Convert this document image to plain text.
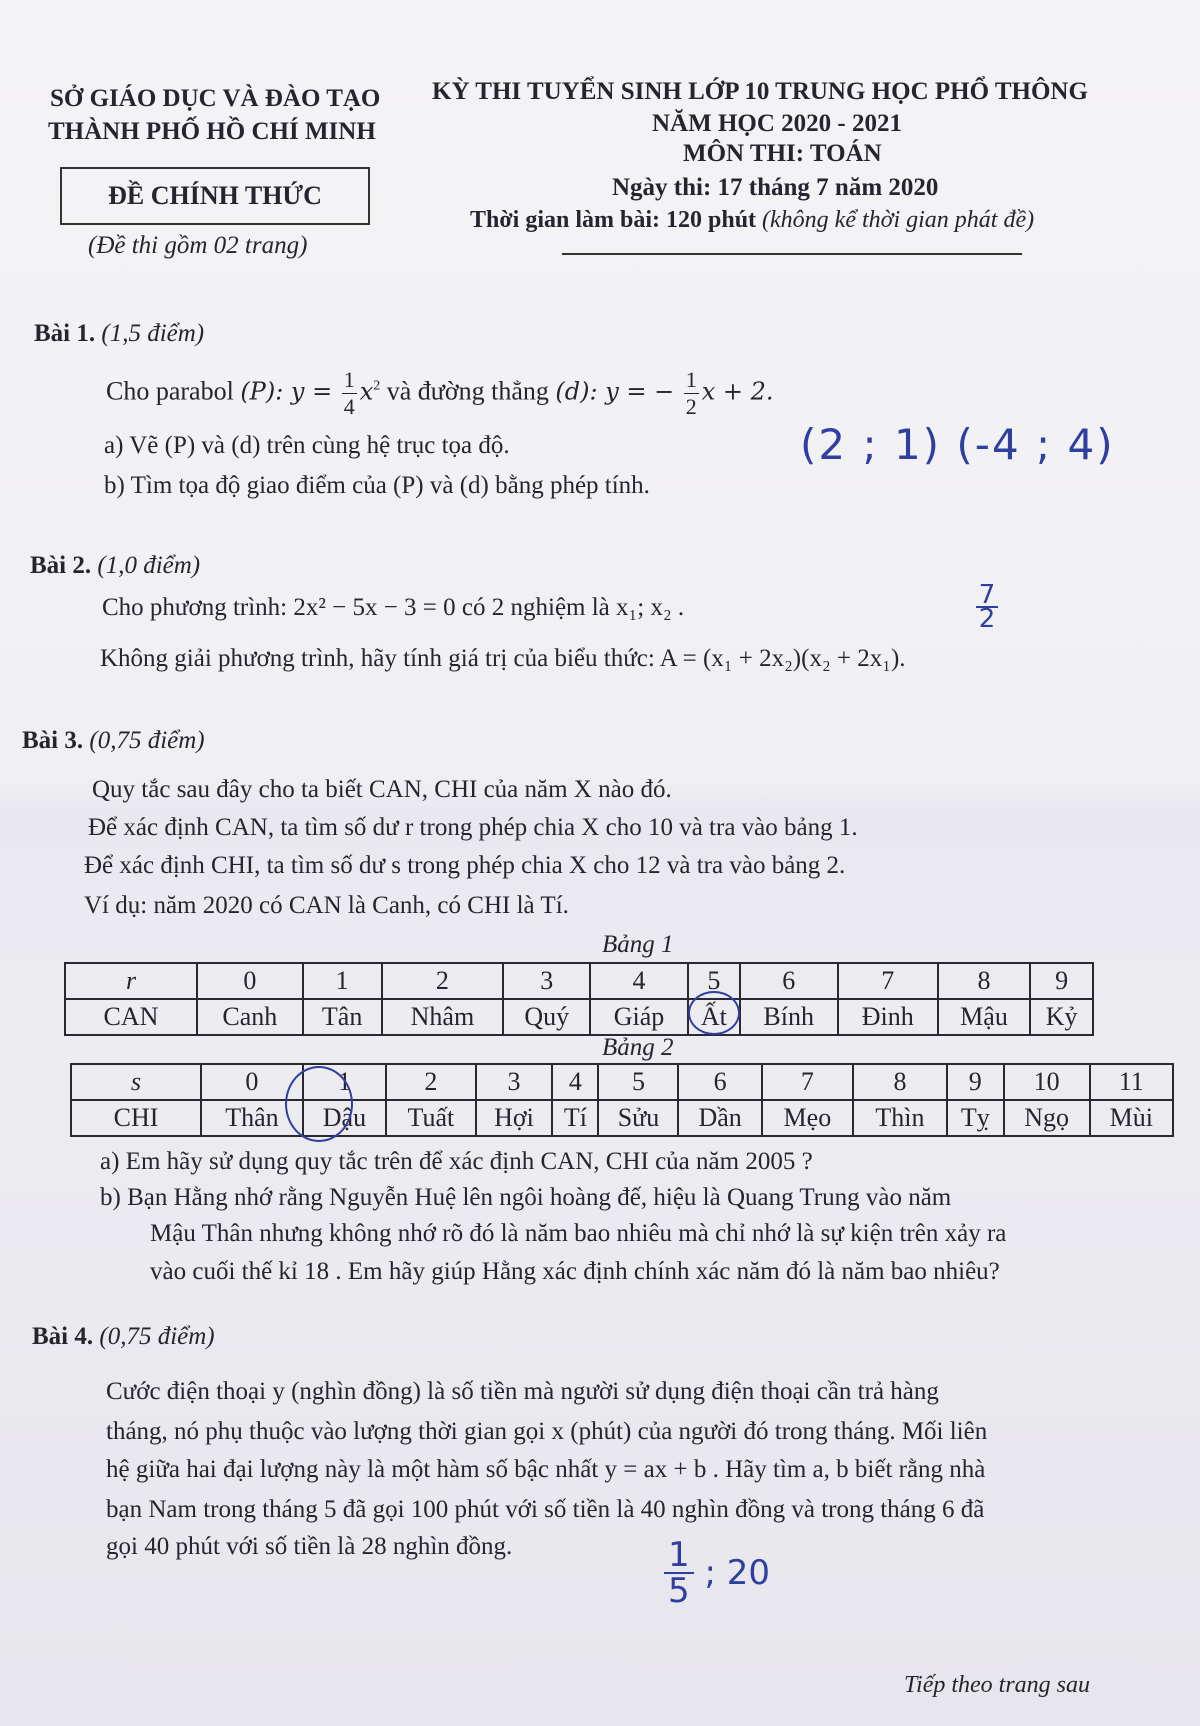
SỞ GIÁO DỤC VÀ ĐÀO TẠO
THÀNH PHỐ HỒ CHÍ MINH
ĐỀ CHÍNH THỨC
(Đề thi gồm 02 trang)
KỲ THI TUYỂN SINH LỚP 10 TRUNG HỌC PHỔ THÔNG
NĂM HỌC 2020 - 2021
MÔN THI: TOÁN
Ngày thi: 17 tháng 7 năm 2020
Thời gian làm bài: 120 phút (không kể thời gian phát đề)
Bài 1. (1,5 điểm)
Cho parabol (P): $y = \frac{1}{4} x^2$ và đường thẳng (d): y = − $\frac{1}{2}$ x + 2.
a) Vẽ (P) và (d) trên cùng hệ trục tọa độ.
b) Tìm tọa độ giao điểm của (P) và (d) bằng phép tính.
(2 ; 1) (-4 ; 4)
Bài 2. (1,0 điểm)
Cho phương trình: 2x² − 5x − 3 = 0 có 2 nghiệm là x₁; x₂ .
Không giải phương trình, hãy tính giá trị của biểu thức: A = (x₁ + 2x₂)(x₂ + 2x₁).
7
2
Bài 3. (0,75 điểm)
Quy tắc sau đây cho ta biết CAN, CHI của năm X nào đó.
Để xác định CAN, ta tìm số dư r trong phép chia X cho 10 và tra vào bảng 1.
Để xác định CHI, ta tìm số dư s trong phép chia X cho 12 và tra vào bảng 2.
Ví dụ: năm 2020 có CAN là Canh, có CHI là Tí.
Bảng 1
r	0	1	2	3	4	5	6	7	8	9
CAN	Canh	Tân	Nhâm	Quý	Giáp	Ất	Bính	Đinh	Mậu	Kỷ
Bảng 2
s	0	1	2	3	4	5	6	7	8	9	10	11
CHI	Thân	Dậu	Tuất	Hợi	Tí	Sửu	Dần	Mẹo	Thìn	Tỵ	Ngọ	Mùi
a) Em hãy sử dụng quy tắc trên để xác định CAN, CHI của năm 2005 ?
b) Bạn Hằng nhớ rằng Nguyễn Huệ lên ngôi hoàng đế, hiệu là Quang Trung vào năm
Mậu Thân nhưng không nhớ rõ đó là năm bao nhiêu mà chỉ nhớ là sự kiện trên xảy ra
vào cuối thế kỉ 18 . Em hãy giúp Hằng xác định chính xác năm đó là năm bao nhiêu?
Bài 4. (0,75 điểm)
Cước điện thoại y (nghìn đồng) là số tiền mà người sử dụng điện thoại cần trả hàng
tháng, nó phụ thuộc vào lượng thời gian gọi x (phút) của người đó trong tháng. Mối liên
hệ giữa hai đại lượng này là một hàm số bậc nhất y = ax + b . Hãy tìm a, b biết rằng nhà
bạn Nam trong tháng 5 đã gọi 100 phút với số tiền là 40 nghìn đồng và trong tháng 6 đã
gọi 40 phút với số tiền là 28 nghìn đồng.	$\frac{1}{5}$ ; 20
Tiếp theo trang sau
